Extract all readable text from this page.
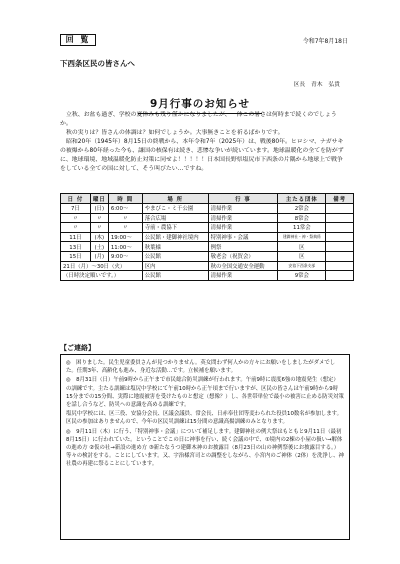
回 覧	令和7年8月18日
下西条区民の皆さんへ
区長　青木　弘貴
9月行事のお知らせ

立秋、お盆も過ぎ、学校の夏休みも残り僅かになりましたが、一体この暑さは何時まで続くのでしょうか。

秋の実りは？皆さんの体調は？如何でしょうか。大事無きことを祈るばかりです。

昭和20年（1945年）8月15日の終戦から、本年令和7年（2025年）は、戦後80年。ヒロシマ、ナガサキの被爆から80年経った今も、謙国の核保有は続き、悲惨な争いが続いています。地球温暖化の全てを防がずに、地球環境、地域温暖化防止対策に同せよ！！！！！日本国長野県塩尻市下西条の片隅から地球上で戦争をしている全ての国に対して、そう叫びたい…ですね。

日 付	曜日	時 間	場 所	行 事	主たる団体	備考
7日	(日)	6:00～	やまびこ・ミ千公園	清掃作業	2常会	
〃	〃	〃	落合広場	清掃作業	8常会	
〃	〃	〃	寺前・農協下	清掃作業	11常会	
11日	(木)	19:00～	公民館・建御神社境内	特別神事・会議	建御神社・神・祭典係	
13日	(土)	11:00～	秋葉様	例祭	区	
15日	(月)	9:00～	公民館	敬老会（祝賀会）	区	
21日（月）～30日（火）			区内	秋の全国交通安全運動	安協下西条支部	
（日時決定順いです。）			公民館	清掃作業	9常会	
【ご連絡】

◎　困りました。民生児童委員さんが見つかりません。英女問わず何人かの方々にお願いをしましたがダメでした。任期3年、高齢化も進み、身近な活動…です。立候補を願います。

◎　8月31日（日）午前9時から正午まで市民総合防災訓練が行われます。午前9時に震度6強の地震発生（想定）の訓練です。主たる訓練は塩尻中学校にて午前10時から正午頃まで行いますが、区民の皆さんは午前9時から9時15分までの15分間、実際に地震被害を受けたものと想定（想像？）し、各世帯単位で最小の被害に止める防災対策を話し合うなど、防災への意識を高める訓練です。

塩尻中学校には、区三役、安協分会長、区議会議員、常会長、日赤奉仕団等変わられた役員10数名が参加します。区民の参加はありませんので、今年の区民災訓練は15分間の意識高揚訓練のみとなります。

◎　9月11日（木）に行う、「特別神事・会議」について補足します。建御神社の例大祭はもともと9月11日（最初8月15日）に行われていた。ということでこの日に神事を行い、続く会議の中で、①境内の2棟の小屋の扱い→解体の進め方 ②仮の社→新設の進め方 ③新たなうつ建御木神のお披露目（8月23日の山の神例祭後にお披露目する。）等々の検討をする。ことにしています。又、宇治様宮司との調整をしながら、小宮内のご神体（2体）を洗浄し、神社農の再建に祭ることにしています。
